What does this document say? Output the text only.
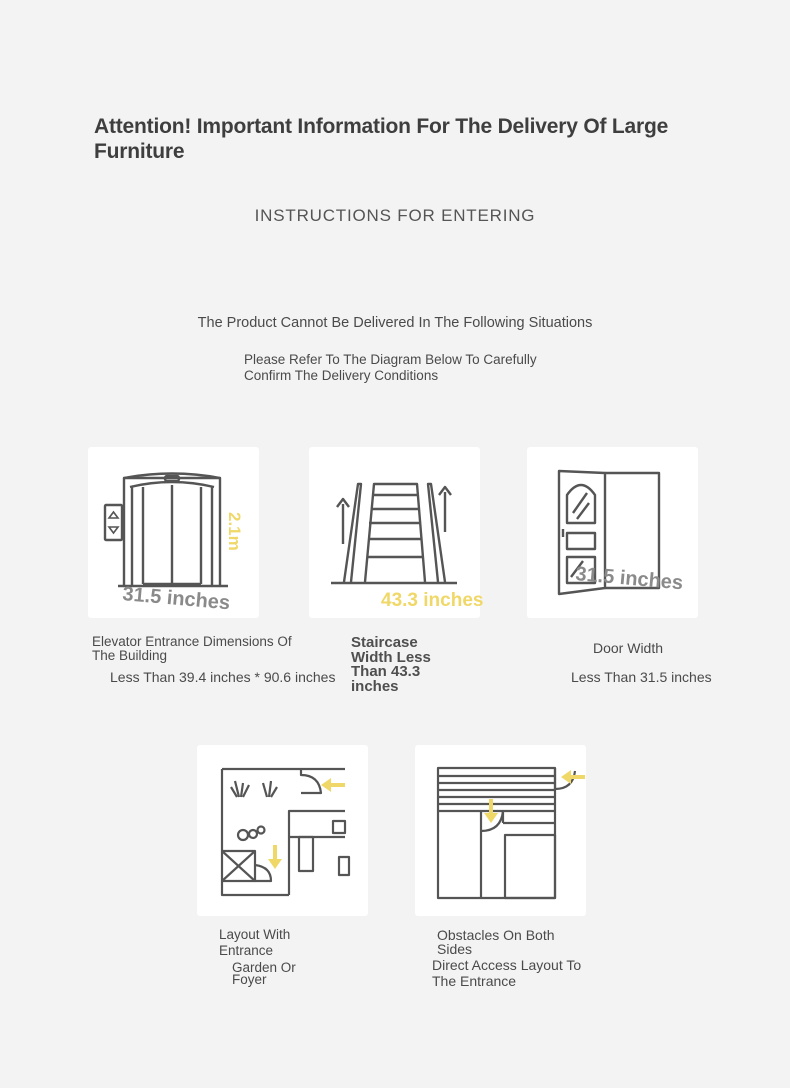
Attention! Important Information For The Delivery Of Large Furniture
INSTRUCTIONS FOR ENTERING
The Product Cannot Be Delivered In The Following Situations
Please Refer To The Diagram Below To Carefully Confirm The Delivery Conditions
31.5 inches
2.1m
Elevator Entrance Dimensions Of The Building
Less Than 39.4 inches * 90.6 inches
43.3 inches
Staircase Width Less Than 43.3 inches
31.5 inches
Door Width
Less Than 31.5 inches
Layout With Entrance
Garden Or Foyer
Obstacles On Both Sides
Direct Access Layout To The Entrance
